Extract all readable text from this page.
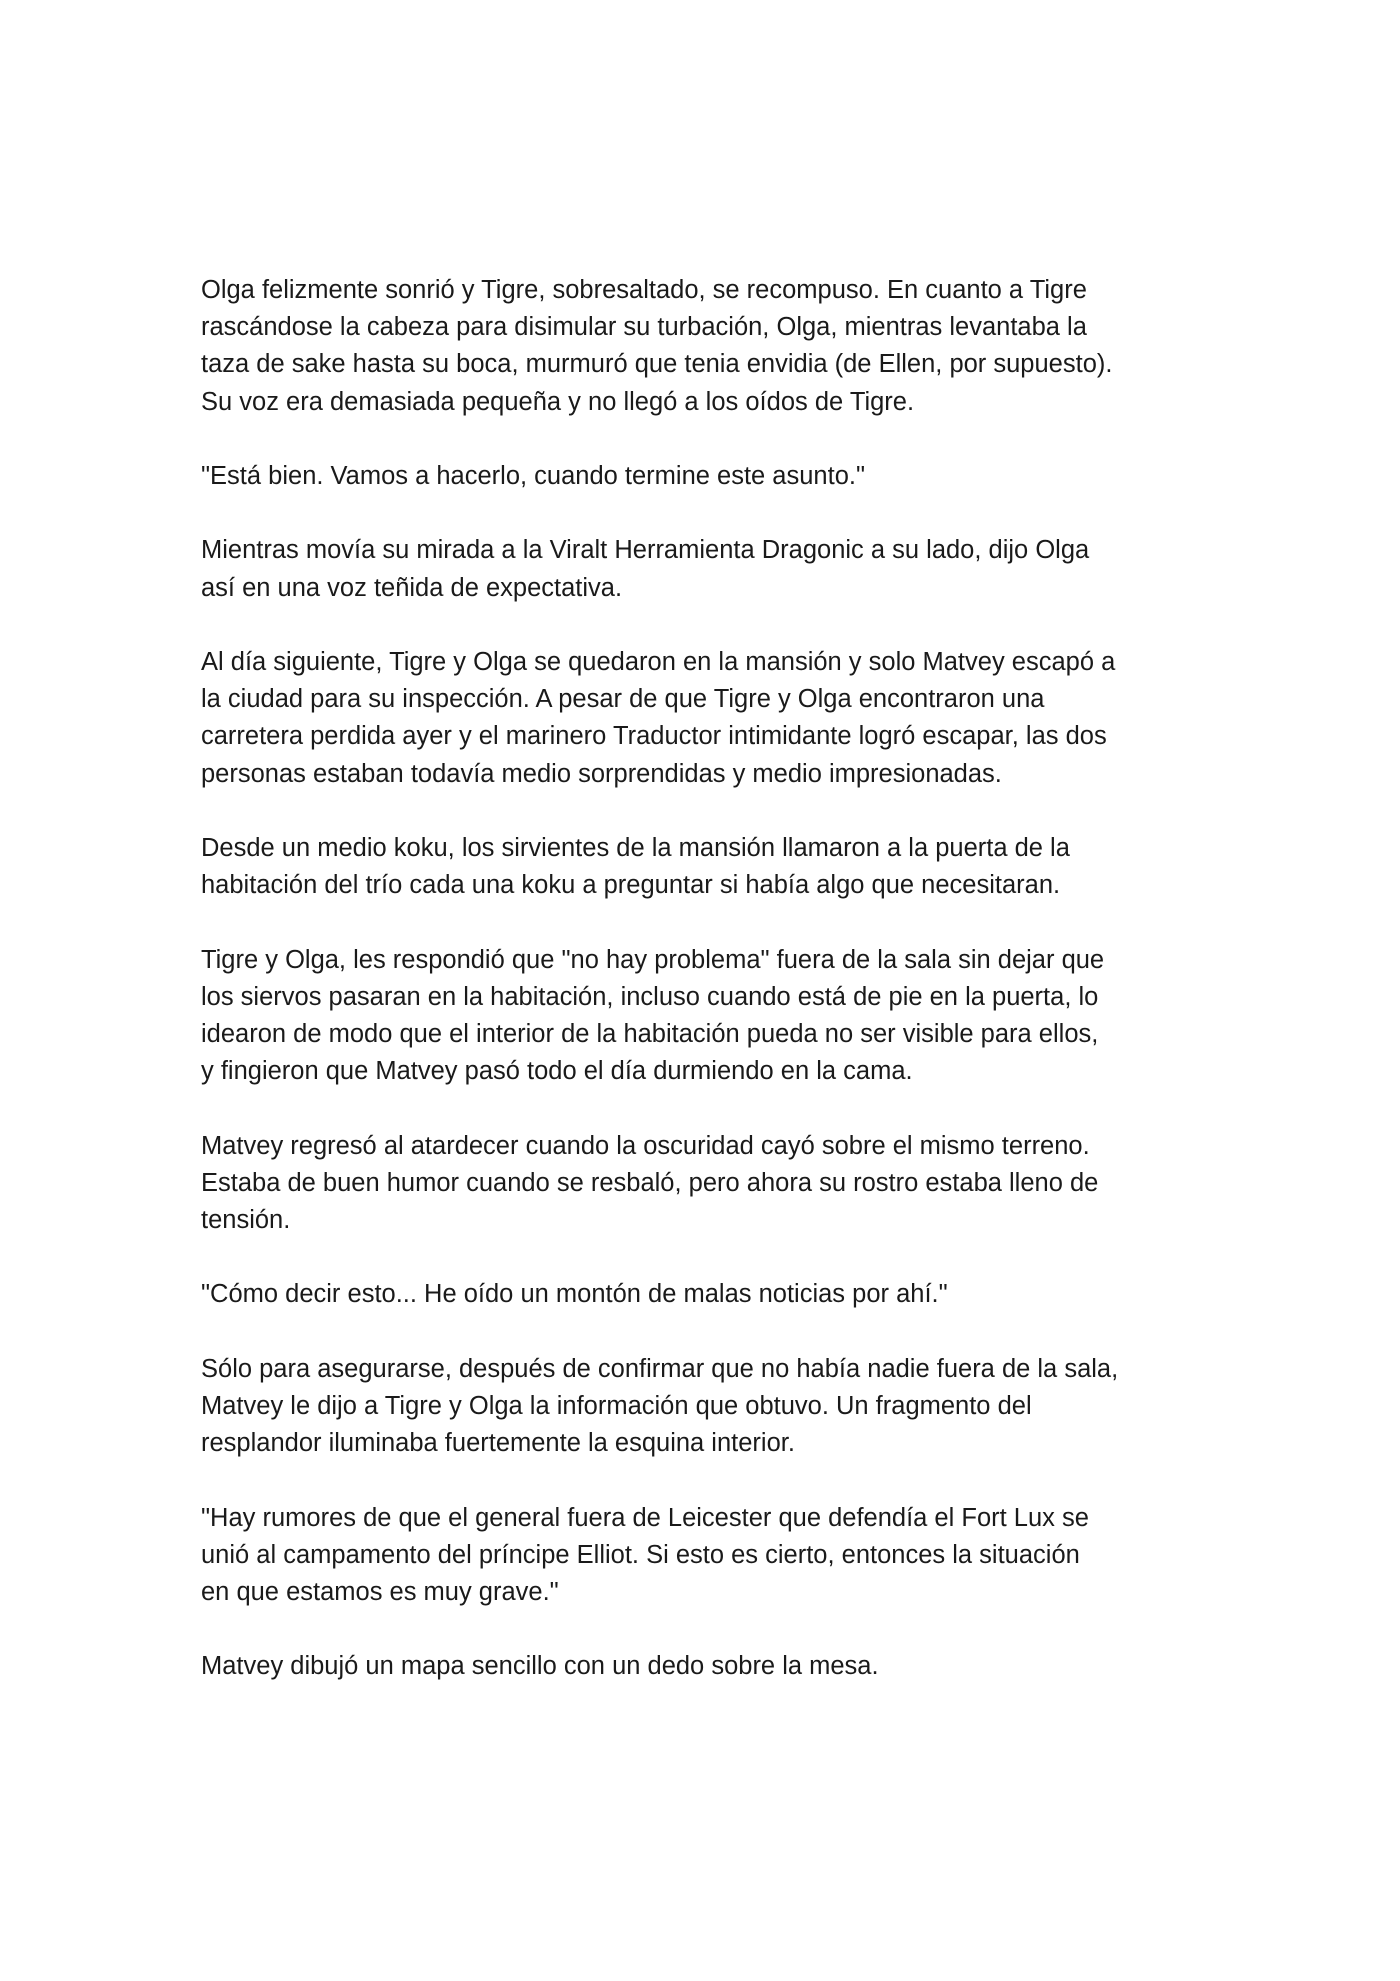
Olga felizmente sonrió y Tigre, sobresaltado, se recompuso. En cuanto a Tigre
rascándose la cabeza para disimular su turbación, Olga, mientras levantaba la
taza de sake hasta su boca, murmuró que tenia envidia (de Ellen, por supuesto).
Su voz era demasiada pequeña y no llegó a los oídos de Tigre.

"Está bien. Vamos a hacerlo, cuando termine este asunto."

Mientras movía su mirada a la Viralt Herramienta Dragonic a su lado, dijo Olga
así en una voz teñida de expectativa.

Al día siguiente, Tigre y Olga se quedaron en la mansión y solo Matvey escapó a
la ciudad para su inspección. A pesar de que Tigre y Olga encontraron una
carretera perdida ayer y el marinero Traductor intimidante logró escapar, las dos
personas estaban todavía medio sorprendidas y medio impresionadas.

Desde un medio koku, los sirvientes de la mansión llamaron a la puerta de la
habitación del trío cada una koku a preguntar si había algo que necesitaran.

Tigre y Olga, les respondió que "no hay problema" fuera de la sala sin dejar que
los siervos pasaran en la habitación, incluso cuando está de pie en la puerta, lo
idearon de modo que el interior de la habitación pueda no ser visible para ellos,
y fingieron que Matvey pasó todo el día durmiendo en la cama.

Matvey regresó al atardecer cuando la oscuridad cayó sobre el mismo terreno.
Estaba de buen humor cuando se resbaló, pero ahora su rostro estaba lleno de
tensión.

"Cómo decir esto... He oído un montón de malas noticias por ahí."

Sólo para asegurarse, después de confirmar que no había nadie fuera de la sala,
Matvey le dijo a Tigre y Olga la información que obtuvo. Un fragmento del
resplandor iluminaba fuertemente la esquina interior.

"Hay rumores de que el general fuera de Leicester que defendía el Fort Lux se
unió al campamento del príncipe Elliot. Si esto es cierto, entonces la situación
en que estamos es muy grave."

Matvey dibujó un mapa sencillo con un dedo sobre la mesa.
